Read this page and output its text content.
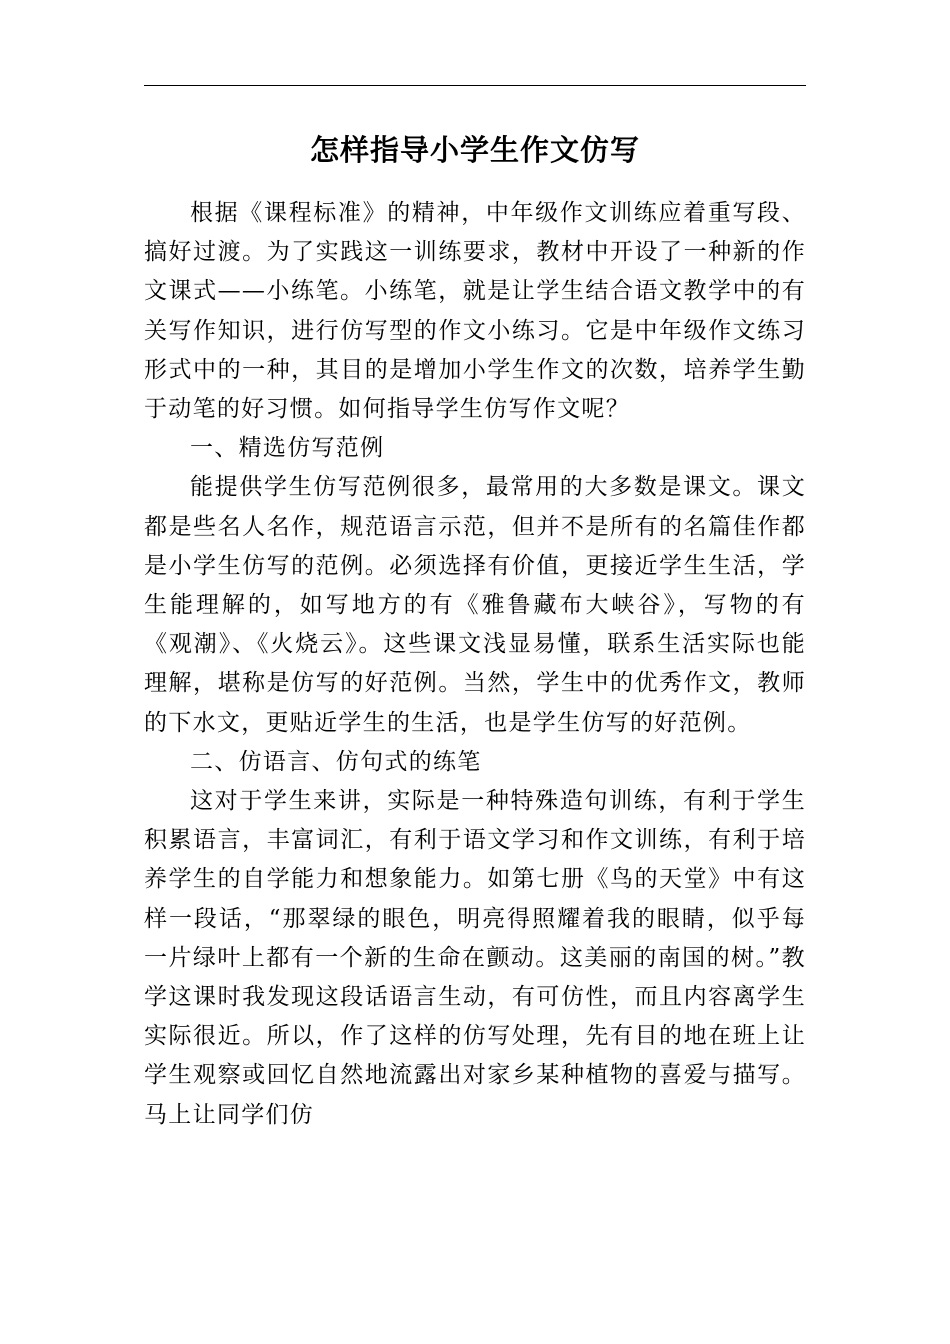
怎样指导小学生作文仿写

根据《课程标准》的精神，中年级作文训练应着重写段、搞好过渡。为了实践这一训练要求，教材中开设了一种新的作文课式——小练笔。小练笔，就是让学生结合语文教学中的有关写作知识，进行仿写型的作文小练习。它是中年级作文练习形式中的一种，其目的是增加小学生作文的次数，培养学生勤于动笔的好习惯。如何指导学生仿写作文呢？

一、精选仿写范例

能提供学生仿写范例很多，最常用的大多数是课文。课文都是些名人名作，规范语言示范，但并不是所有的名篇佳作都是小学生仿写的范例。必须选择有价值，更接近学生生活，学生能理解的，如写地方的有《雅鲁藏布大峡谷》，写物的有《观潮》、《火烧云》。这些课文浅显易懂，联系生活实际也能理解，堪称是仿写的好范例。当然，学生中的优秀作文，教师的下水文，更贴近学生的生活，也是学生仿写的好范例。

二、仿语言、仿句式的练笔

这对于学生来讲，实际是一种特殊造句训练，有利于学生积累语言，丰富词汇，有利于语文学习和作文训练，有利于培养学生的自学能力和想象能力。如第七册《鸟的天堂》中有这样一段话，“那翠绿的眼色，明亮得照耀着我的眼睛，似乎每一片绿叶上都有一个新的生命在颤动。这美丽的南国的树。”教学这课时我发现这段话语言生动，有可仿性，而且内容离学生实际很近。所以，作了这样的仿写处理，先有目的地在班上让学生观察或回忆自然地流露出对家乡某种植物的喜爱与描写。马上让同学们仿
